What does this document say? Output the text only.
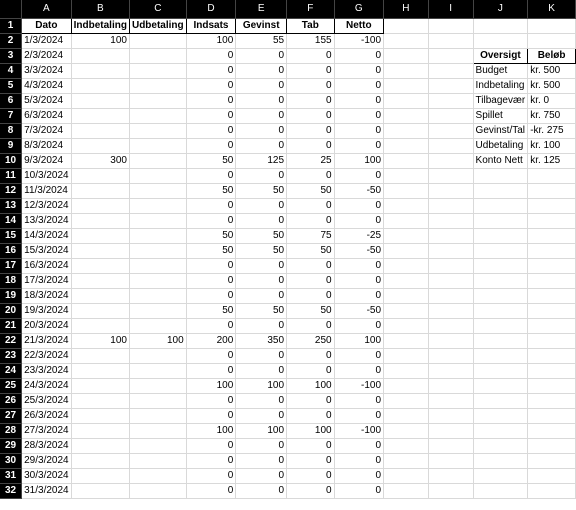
	A	B	C	D	E	F	G	H	I	J	K
1	Dato	Indbetaling	Udbetaling	Indsats	Gevinst	Tab	Netto				
2	1/3/2024	100		100	55	155	-100				
3	2/3/2024			0	0	0	0			Oversigt	Beløb
4	3/3/2024			0	0	0	0			Budget	kr. 500
5	4/3/2024			0	0	0	0			Indbetaling	kr. 500
6	5/3/2024			0	0	0	0			Tilbagevær	kr. 0
7	6/3/2024			0	0	0	0			Spillet	kr. 750
8	7/3/2024			0	0	0	0			Gevinst/Tal	-kr. 275
9	8/3/2024			0	0	0	0			Udbetaling	kr. 100
10	9/3/2024	300		50	125	25	100			Konto Nett	kr. 125
11	10/3/2024			0	0	0	0				
12	11/3/2024			50	50	50	-50				
13	12/3/2024			0	0	0	0				
14	13/3/2024			0	0	0	0				
15	14/3/2024			50	50	75	-25				
16	15/3/2024			50	50	50	-50				
17	16/3/2024			0	0	0	0				
18	17/3/2024			0	0	0	0				
19	18/3/2024			0	0	0	0				
20	19/3/2024			50	50	50	-50				
21	20/3/2024			0	0	0	0				
22	21/3/2024	100	100	200	350	250	100				
23	22/3/2024			0	0	0	0				
24	23/3/2024			0	0	0	0				
25	24/3/2024			100	100	100	-100				
26	25/3/2024			0	0	0	0				
27	26/3/2024			0	0	0	0				
28	27/3/2024			100	100	100	-100				
29	28/3/2024			0	0	0	0				
30	29/3/2024			0	0	0	0				
31	30/3/2024			0	0	0	0				
32	31/3/2024			0	0	0	0				
